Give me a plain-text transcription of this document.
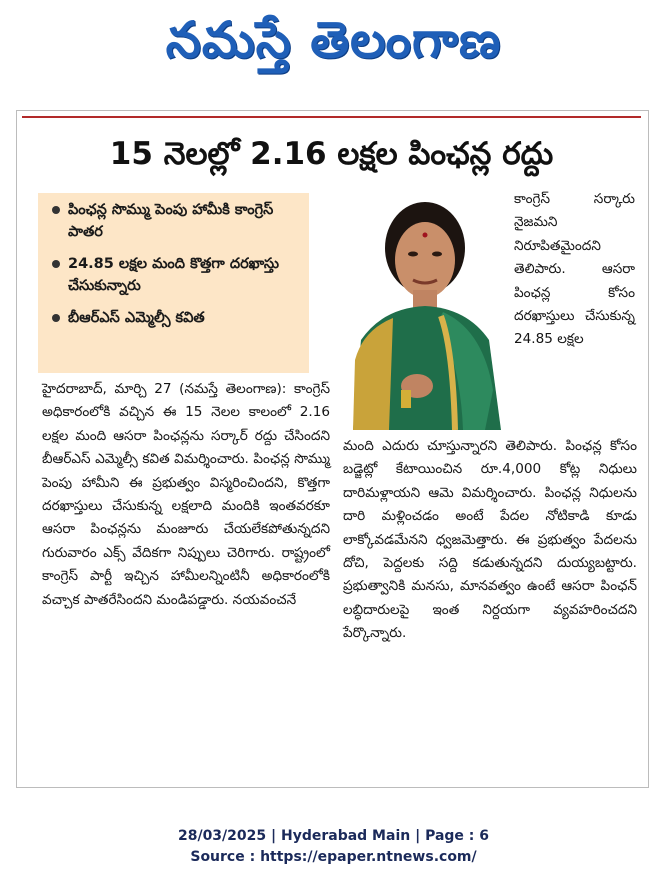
నమస్తే తెలంగాణ
15 నెలల్లో 2.16 లక్షల పింఛన్ల రద్దు
పింఛన్ల సొమ్ము పెంపు హామీకి కాంగ్రెస్ పాతర
24.85 లక్షల మంది కొత్తగా దరఖాస్తు చేసుకున్నారు
బీఆర్ఎస్ ఎమ్మెల్సీ కవిత

కాంగ్రెస్ సర్కారు నైజమని నిరూపితమైందని తెలిపారు. ఆసరా పింఛన్ల కోసం దరఖాస్తులు చేసుకున్న 24.85 లక్షల

హైదరాబాద్, మార్చి 27 (నమస్తే తెలంగాణ): కాంగ్రెస్ అధికారంలోకి వచ్చిన ఈ 15 నెలల కాలంలో 2.16 లక్షల మంది ఆసరా పింఛన్లను సర్కార్ రద్దు చేసిందని బీఆర్ఎస్ ఎమ్మెల్సీ కవిత విమర్శించారు. పింఛన్ల సొమ్ము పెంపు హామీని ఈ ప్రభుత్వం విస్మరించిందని, కొత్తగా దరఖాస్తులు చేసుకున్న లక్షలాది మందికి ఇంతవరకూ ఆసరా పింఛన్లను మంజూరు చేయలేకపోతున్నదని గురువారం ఎక్స్ వేదికగా నిప్పులు చెరిగారు. రాష్ట్రంలో కాంగ్రెస్ పార్టీ ఇచ్చిన హామీలన్నింటినీ అధికారంలోకి వచ్చాక పాతరేసిందని మండిపడ్డారు. నయవంచనే

మంది ఎదురు చూస్తున్నారని తెలిపారు. పింఛన్ల కోసం బడ్జెట్లో కేటాయించిన రూ.4,000 కోట్ల నిధులు దారిమళ్లాయని ఆమె విమర్శించారు. పింఛన్ల నిధులను దారి మళ్లించడం అంటే పేదల నోటికాడి కూడు లాక్కోవడమేనని ధ్వజమెత్తారు. ఈ ప్రభుత్వం పేదలను దోచి, పెద్దలకు సద్ది కడుతున్నదని దుయ్యబట్టారు. ప్రభుత్వానికి మనసు, మానవత్వం ఉంటే ఆసరా పింఛన్ లబ్ధిదారులపై ఇంత నిర్దయగా వ్యవహరించదని పేర్కొన్నారు.

28/03/2025 | Hyderabad Main | Page : 6
Source : https://epaper.ntnews.com/
